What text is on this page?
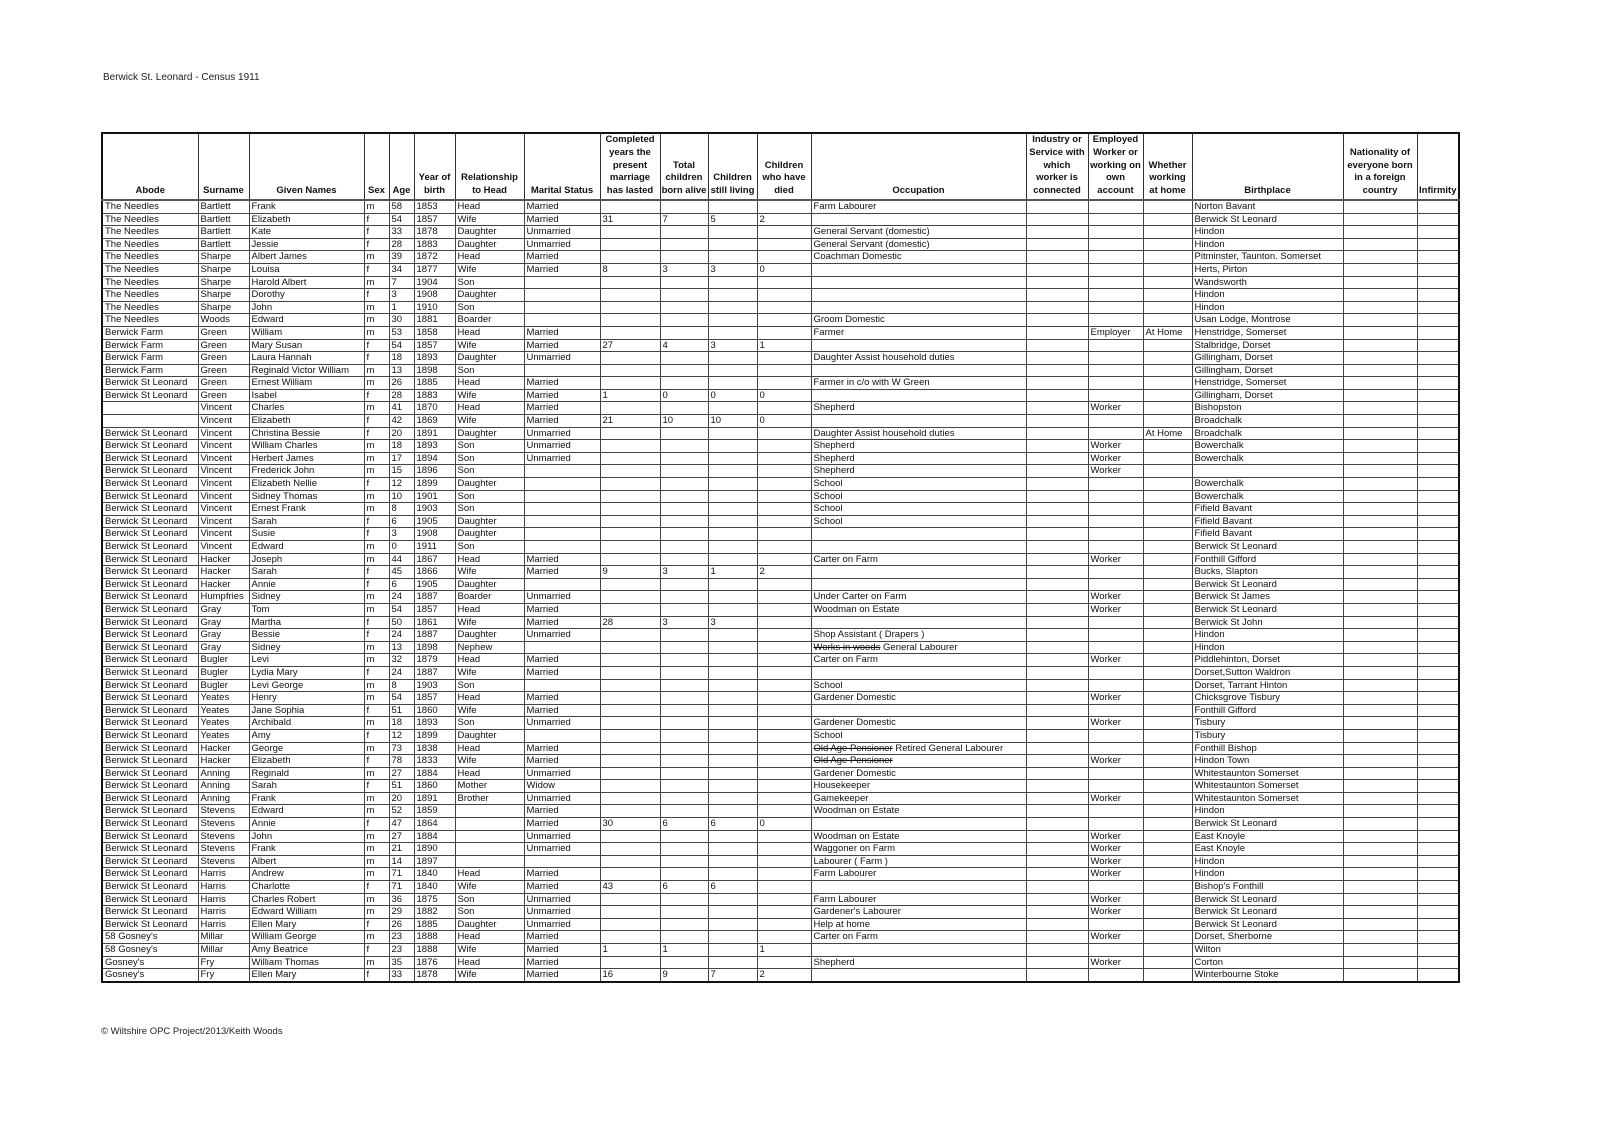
Berwick St. Leonard - Census 1911
Abode	Surname	Given Names	Sex	Age	Year of birth	Relationship to Head	Marital Status	Completed years the present marriage has lasted	Total children born alive	Children still living	Children who have died	Occupation	Industry or Service with which worker is connected	Employed Worker or working on own account	Whether working at home	Birthplace	Nationality of everyone born in a foreign country	Infirmity
The Needles	Bartlett	Frank	m	58	1853	Head	Married					Farm Labourer				Norton Bavant		
The Needles	Bartlett	Elizabeth	f	54	1857	Wife	Married	31	7	5	2					Berwick St Leonard		
The Needles	Bartlett	Kate	f	33	1878	Daughter	Unmarried					General Servant (domestic)				Hindon		
The Needles	Bartlett	Jessie	f	28	1883	Daughter	Unmarried					General Servant (domestic)				Hindon		
The Needles	Sharpe	Albert James	m	39	1872	Head	Married					Coachman Domestic				Pitminster, Taunton. Somerset		
The Needles	Sharpe	Louisa	f	34	1877	Wife	Married	8	3	3	0					Herts, Pirton		
The Needles	Sharpe	Harold Albert	m	7	1904	Son										Wandsworth		
The Needles	Sharpe	Dorothy	f	3	1908	Daughter										Hindon		
The Needles	Sharpe	John	m	1	1910	Son										Hindon		
The Needles	Woods	Edward	m	30	1881	Boarder						Groom Domestic				Usan Lodge, Montrose		
Berwick Farm	Green	William	m	53	1858	Head	Married					Farmer		Employer	At Home	Henstridge, Somerset		
Berwick Farm	Green	Mary Susan	f	54	1857	Wife	Married	27	4	3	1					Stalbridge, Dorset		
Berwick Farm	Green	Laura Hannah	f	18	1893	Daughter	Unmarried					Daughter Assist household duties				Gillingham, Dorset		
Berwick Farm	Green	Reginald Victor William	m	13	1898	Son										Gillingham, Dorset		
Berwick St Leonard	Green	Ernest William	m	26	1885	Head	Married					Farmer in c/o with W Green				Henstridge, Somerset		
Berwick St Leonard	Green	Isabel	f	28	1883	Wife	Married	1	0	0	0					Gillingham, Dorset		
	Vincent	Charles	m	41	1870	Head	Married					Shepherd		Worker		Bishopston		
	Vincent	Elizabeth	f	42	1869	Wife	Married	21	10	10	0					Broadchalk		
Berwick St Leonard	Vincent	Christina Bessie	f	20	1891	Daughter	Unmarried					Daughter Assist household duties			At Home	Broadchalk		
Berwick St Leonard	Vincent	William Charles	m	18	1893	Son	Unmarried					Shepherd		Worker		Bowerchalk		
Berwick St Leonard	Vincent	Herbert James	m	17	1894	Son	Unmarried					Shepherd		Worker		Bowerchalk		
Berwick St Leonard	Vincent	Frederick John	m	15	1896	Son						Shepherd		Worker				
Berwick St Leonard	Vincent	Elizabeth Nellie	f	12	1899	Daughter						School				Bowerchalk		
Berwick St Leonard	Vincent	Sidney Thomas	m	10	1901	Son						School				Bowerchalk		
Berwick St Leonard	Vincent	Ernest Frank	m	8	1903	Son						School				Fifield Bavant		
Berwick St Leonard	Vincent	Sarah	f	6	1905	Daughter						School				Fifield Bavant		
Berwick St Leonard	Vincent	Susie	f	3	1908	Daughter										Fifield Bavant		
Berwick St Leonard	Vincent	Edward	m	0	1911	Son										Berwick St Leonard		
Berwick St Leonard	Hacker	Joseph	m	44	1867	Head	Married					Carter on Farm		Worker		Fonthill Gifford		
Berwick St Leonard	Hacker	Sarah	f	45	1866	Wife	Married	9	3	1	2					Bucks, Slapton		
Berwick St Leonard	Hacker	Annie	f	6	1905	Daughter										Berwick St Leonard		
Berwick St Leonard	Humpfries	Sidney	m	24	1887	Boarder	Unmarried					Under Carter on Farm		Worker		Berwick St James		
Berwick St Leonard	Gray	Tom	m	54	1857	Head	Married					Woodman on Estate		Worker		Berwick St Leonard		
Berwick St Leonard	Gray	Martha	f	50	1861	Wife	Married	28	3	3						Berwick St John		
Berwick St Leonard	Gray	Bessie	f	24	1887	Daughter	Unmarried					Shop Assistant ( Drapers )				Hindon		
Berwick St Leonard	Gray	Sidney	m	13	1898	Nephew						Works in woods General Labourer				Hindon		
Berwick St Leonard	Bugler	Levi	m	32	1879	Head	Married					Carter on Farm		Worker		Piddlehinton, Dorset		
Berwick St Leonard	Bugler	Lydia Mary	f	24	1887	Wife	Married									Dorset,Sutton Waldron		
Berwick St Leonard	Bugler	Levi George	m	8	1903	Son						School				Dorset, Tarrant Hinton		
Berwick St Leonard	Yeates	Henry	m	54	1857	Head	Married					Gardener Domestic		Worker		Chicksgrove Tisbury		
Berwick St Leonard	Yeates	Jane Sophia	f	51	1860	Wife	Married									Fonthill Gifford		
Berwick St Leonard	Yeates	Archibald	m	18	1893	Son	Unmarried					Gardener Domestic		Worker		Tisbury		
Berwick St Leonard	Yeates	Amy	f	12	1899	Daughter						School				Tisbury		
Berwick St Leonard	Hacker	George	m	73	1838	Head	Married					Old Age Pensioner Retired General Labourer				Fonthill Bishop		
Berwick St Leonard	Hacker	Elizabeth	f	78	1833	Wife	Married					Old Age Pensioner		Worker		Hindon Town		
Berwick St Leonard	Anning	Reginald	m	27	1884	Head	Unmarried					Gardener Domestic				Whitestaunton Somerset		
Berwick St Leonard	Anning	Sarah	f	51	1860	Mother	Widow					Housekeeper				Whitestaunton Somerset		
Berwick St Leonard	Anning	Frank	m	20	1891	Brother	Unmarried					Gamekeeper		Worker		Whitestaunton Somerset		
Berwick St Leonard	Stevens	Edward	m	52	1859		Married					Woodman on Estate				Hindon		
Berwick St Leonard	Stevens	Annie	f	47	1864		Married	30	6	6	0					Berwick St Leonard		
Berwick St Leonard	Stevens	John	m	27	1884		Unmarried					Woodman on Estate		Worker		East Knoyle		
Berwick St Leonard	Stevens	Frank	m	21	1890		Unmarried					Waggoner on Farm		Worker		East Knoyle		
Berwick St Leonard	Stevens	Albert	m	14	1897							Labourer ( Farm )		Worker		Hindon		
Berwick St Leonard	Harris	Andrew	m	71	1840	Head	Married					Farm Labourer		Worker		Hindon		
Berwick St Leonard	Harris	Charlotte	f	71	1840	Wife	Married	43	6	6						Bishop's Fonthill		
Berwick St Leonard	Harris	Charles Robert	m	36	1875	Son	Unmarried					Farm Labourer		Worker		Berwick St Leonard		
Berwick St Leonard	Harris	Edward William	m	29	1882	Son	Unmarried					Gardener's Labourer		Worker		Berwick St Leonard		
Berwick St Leonard	Harris	Ellen Mary	f	26	1885	Daughter	Unmarried					Help at home				Berwick St Leonard		
58 Gosney's	Millar	William George	m	23	1888	Head	Married					Carter on Farm		Worker		Dorset, Sherborne		
58 Gosney's	Millar	Amy Beatrice	f	23	1888	Wife	Married	1	1		1					Wilton		
Gosney's	Fry	William Thomas	m	35	1876	Head	Married					Shepherd		Worker		Corton		
Gosney's	Fry	Ellen Mary	f	33	1878	Wife	Married	16	9	7	2					Winterbourne Stoke		
© Wiltshire OPC Project/2013/Keith Woods
